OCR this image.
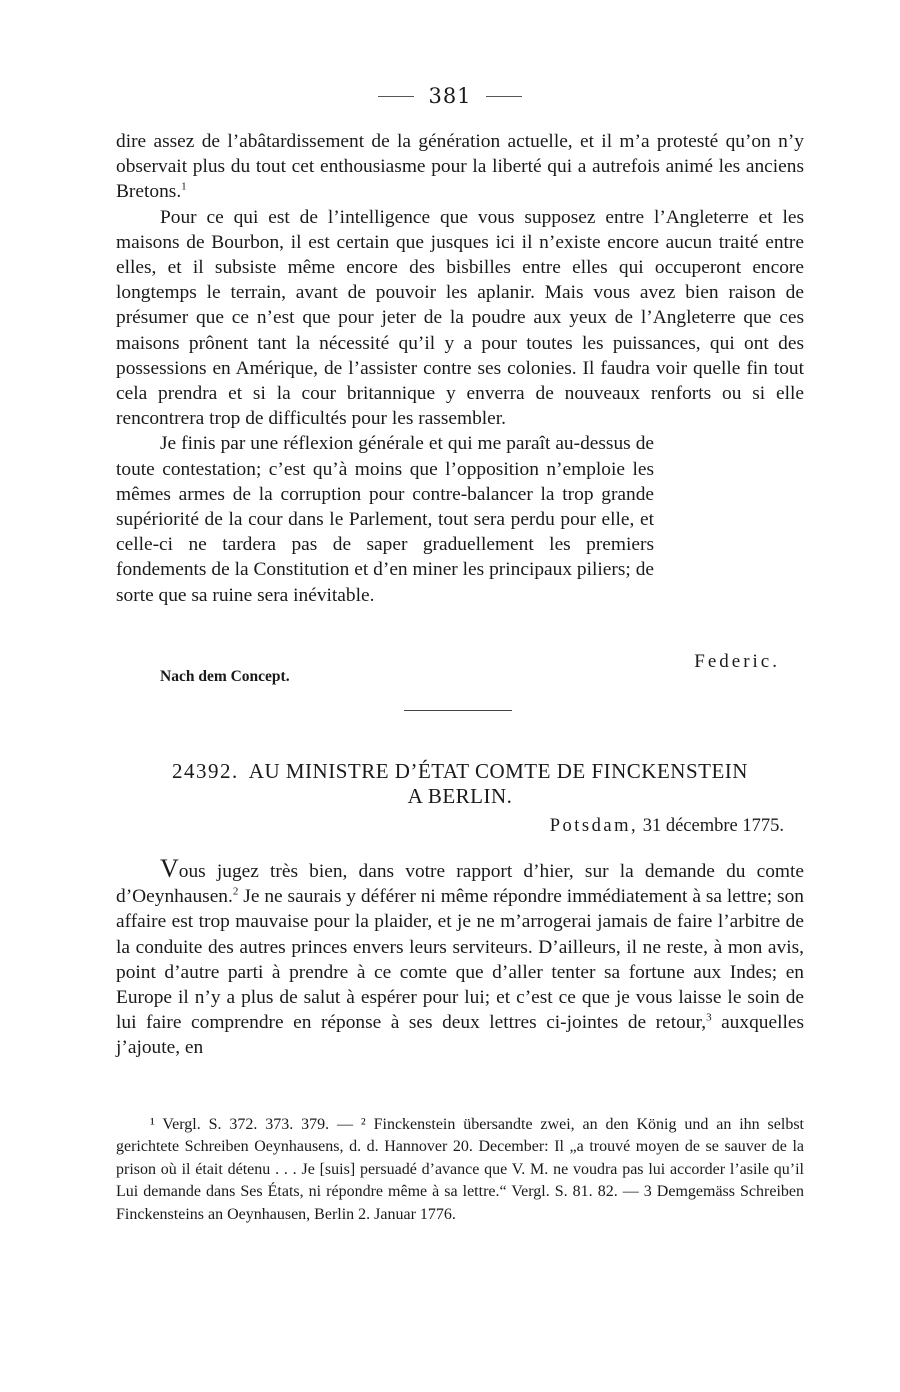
381

dire assez de l’abâtardissement de la génération actuelle, et il m’a protesté qu’on n’y observait plus du tout cet enthousiasme pour la liberté qui a autrefois animé les anciens Bretons.$^1$

Pour ce qui est de l’intelligence que vous supposez entre l’Angleterre et les maisons de Bourbon, il est certain que jusques ici il n’existe encore aucun traité entre elles, et il subsiste même encore des bisbilles entre elles qui occuperont encore longtemps le terrain, avant de pouvoir les aplanir. Mais vous avez bien raison de présumer que ce n’est que pour jeter de la poudre aux yeux de l’Angleterre que ces maisons prônent tant la nécessité qu’il y a pour toutes les puissances, qui ont des possessions en Amérique, de l’assister contre ses colonies. Il faudra voir quelle fin tout cela prendra et si la cour britannique y enverra de nouveaux renforts ou si elle rencontrera trop de difficultés pour les rassembler.

Je finis par une réflexion générale et qui me paraît au-dessus de toute contestation; c’est qu’à moins que l’opposition n’emploie les mêmes armes de la corruption pour contre-balancer la trop grande supériorité de la cour dans le Parlement, tout sera perdu pour elle, et celle-ci ne tardera pas de saper graduellement les premiers fondements de la Constitution et d’en miner les principaux piliers; de sorte que sa ruine sera inévitable.

Federic.
Nach dem Concept.
24392. AU MINISTRE D’ÉTAT COMTE DE FINCKENSTEIN
A BERLIN.
Potsdam, 31 décembre 1775.
Vous jugez très bien, dans votre rapport d’hier, sur la demande du comte d’Oeynhausen.$^2$ Je ne saurais y déférer ni même répondre immédiatement à sa lettre; son affaire est trop mauvaise pour la plaider, et je ne m’arrogerai jamais de faire l’arbitre de la conduite des autres princes envers leurs serviteurs. D’ailleurs, il ne reste, à mon avis, point d’autre parti à prendre à ce comte que d’aller tenter sa fortune aux Indes; en Europe il n’y a plus de salut à espérer pour lui; et c’est ce que je vous laisse le soin de lui faire comprendre en réponse à ses deux lettres ci-jointes de retour,$^3$ auxquelles j’ajoute, en

¹ Vergl. S. 372. 373. 379. — ² Finckenstein übersandte zwei, an den König und an ihn selbst gerichtete Schreiben Oeynhausens, d. d. Hannover 20. December: Il „a trouvé moyen de se sauver de la prison où il était détenu . . . Je [suis] persuadé d’avance que V. M. ne voudra pas lui accorder l’asile qu’il Lui demande dans Ses États, ni répondre même à sa lettre.“ Vergl. S. 81. 82. — 3 Demgemäss Schreiben Finckensteins an Oeynhausen, Berlin 2. Januar 1776.
